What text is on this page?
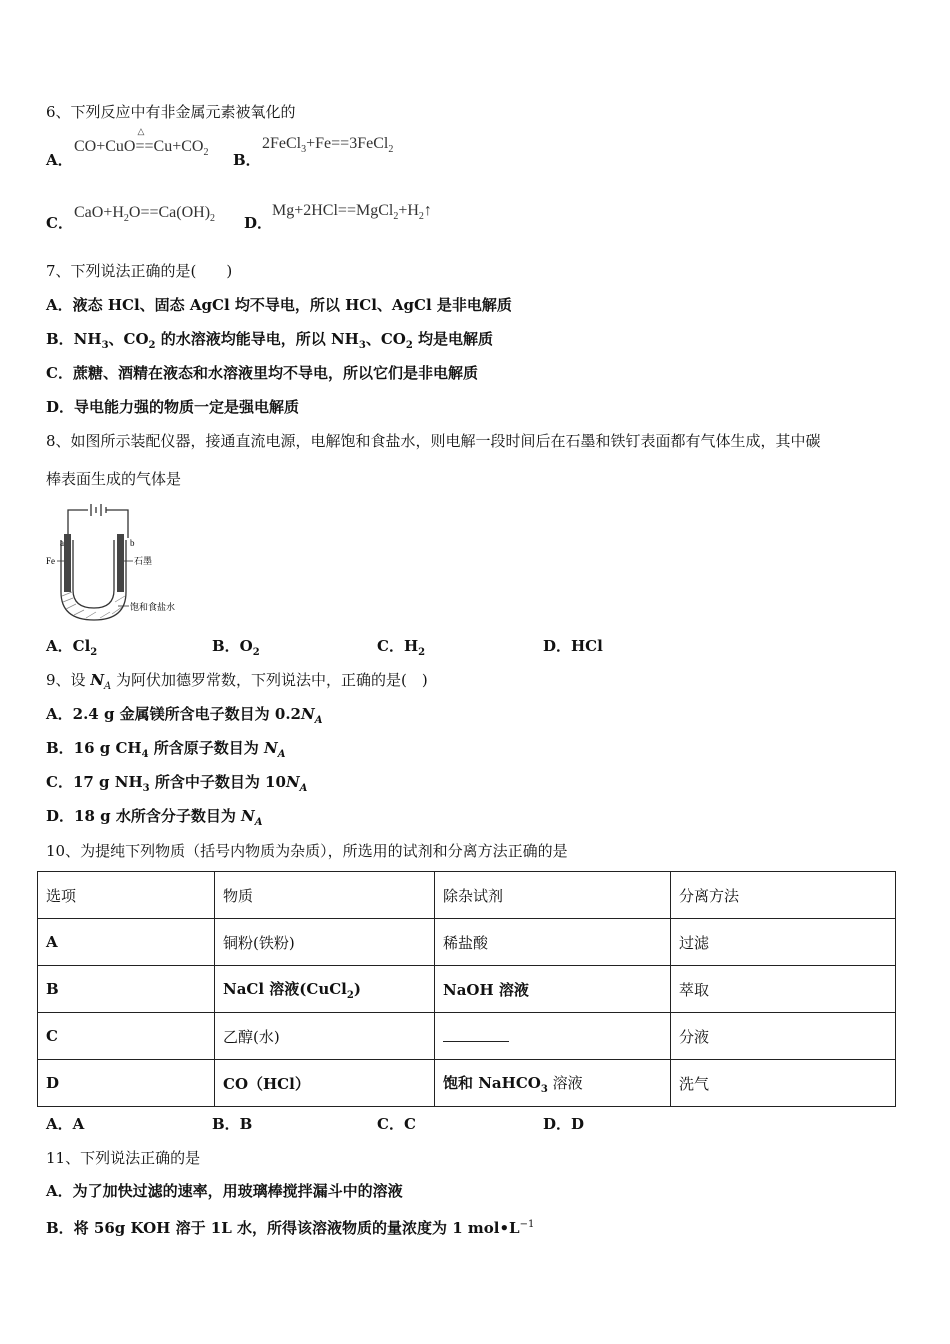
6、下列反应中有非金属元素被氧化的
A．
CO+CuO△ $==Cu+CO_2$ B．
2FeCl$_3$+Fe==3FeCl$_2$
C．
$CaO+H_2O==Ca(OH)_2$ D．
$Mg+2HCl==MgCl_2+H_2↑$
7、下列说法正确的是(　　)
A．液态 HCl、固态 AgCl 均不导电，所以 HCl、AgCl 是非电解质
B．$NH_3$、$CO_2$ 的水溶液均能导电，所以 $NH_3$、$CO_2$ 均是电解质
C．蔗糖、酒精在液态和水溶液里均不导电，所以它们是非电解质
D．导电能力强的物质一定是强电解质
8、如图所示装配仪器，接通直流电源，电解饱和食盐水，则电解一段时间后在石墨和铁钉表面都有气体生成，其中碳
棒表面生成的气体是
a	b
Fe	石墨
饱和食盐水
A．$Cl_2$	B．$O_2$	C．$H_2$	D．HCl
9、设 $N_A$ 为阿伏加德罗常数，下列说法中，正确的是(　)
A．2.4 g 金属镁所含电子数目为 $0.2N_A$
B．16 g $CH_4$ 所含原子数目为 $N_A$
C．17 g $NH_3$ 所含中子数目为 $10N_A$
D．18 g 水所含分子数目为 $N_A$
10、为提纯下列物质（括号内物质为杂质），所选用的试剂和分离方法正确的是
选项	物质	除杂试剂	分离方法
A	铜粉(铁粉)	稀盐酸	过滤
B	NaCl 溶液(CuCl$_2$)	NaOH 溶液	萃取
C	乙醇(水)		分液
D	CO（HCl）	饱和 NaHCO$_3$ 溶液	洗气
A．A	B．B	C．C	D．D
11、下列说法正确的是
A．为了加快过滤的速率，用玻璃棒搅拌漏斗中的溶液
B．将 56g KOH 溶于 1L 水，所得该溶液物质的量浓度为 1 $mol•L^{-1}$
